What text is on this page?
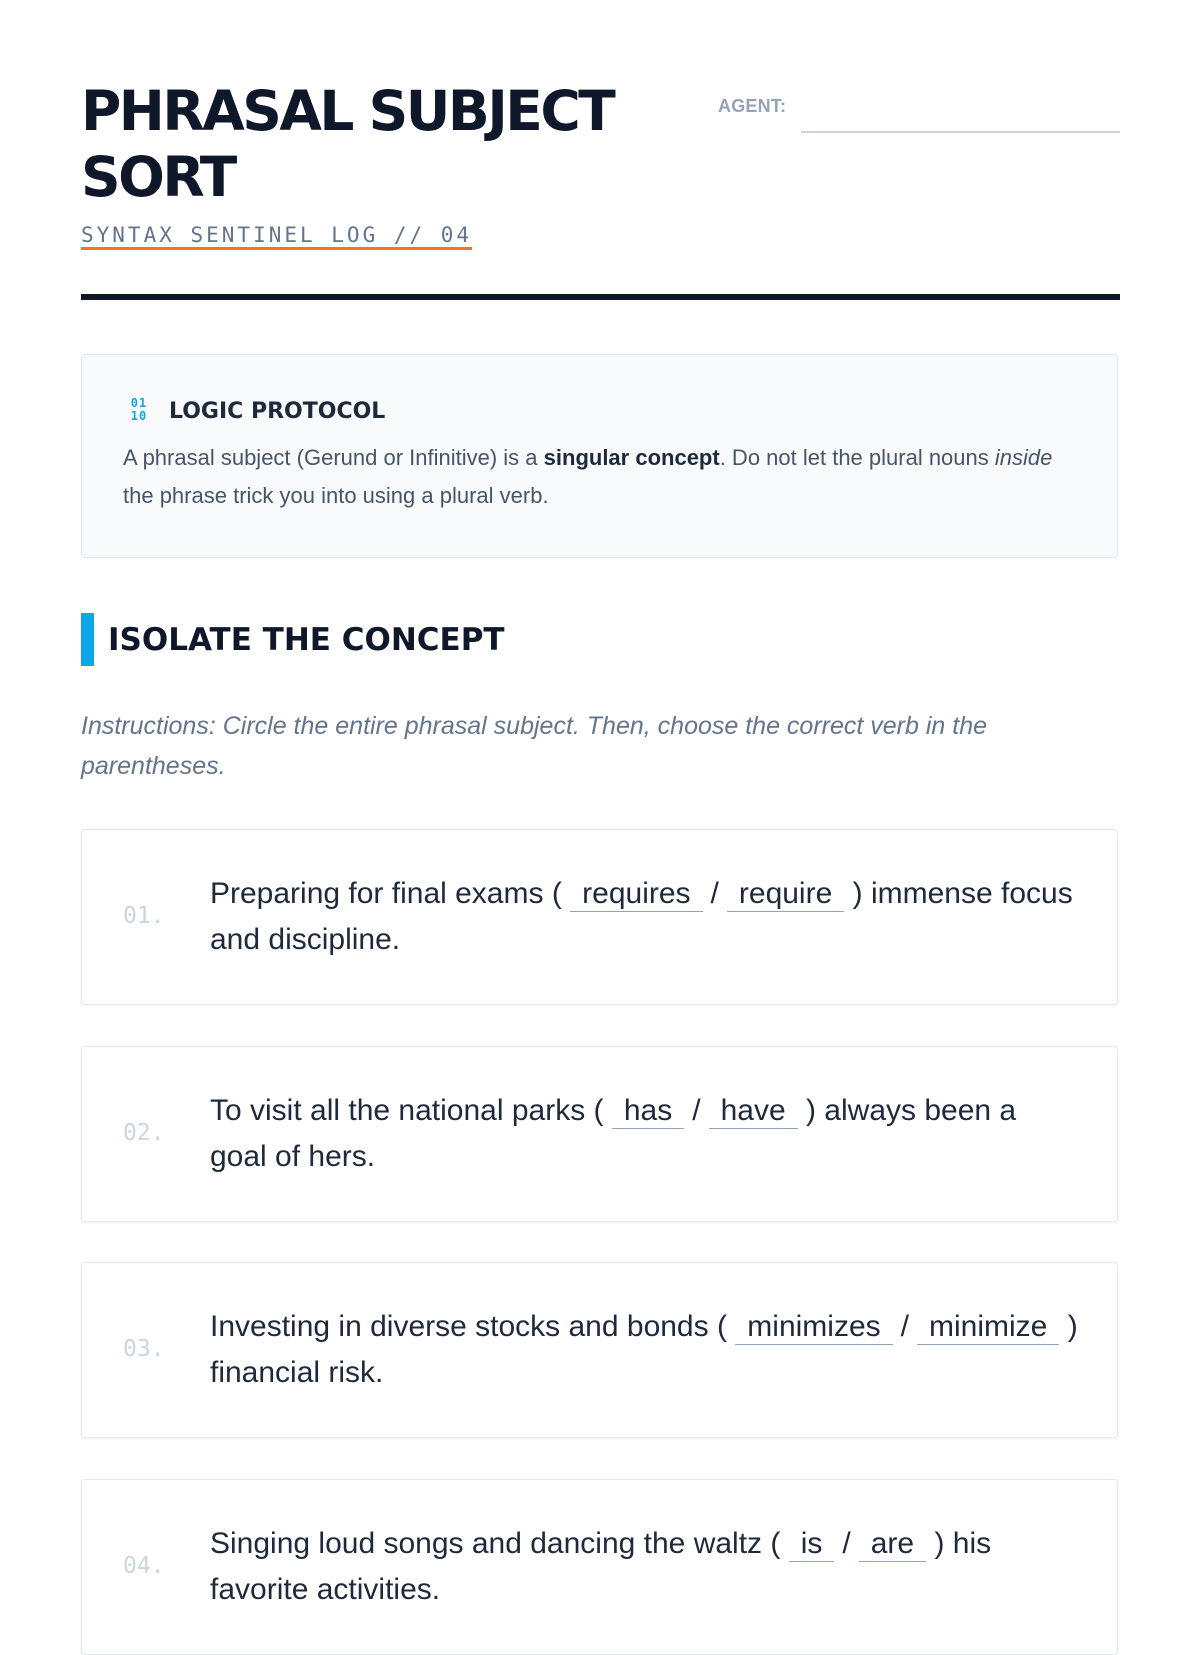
PHRASAL SUBJECT SORT
SYNTAX SENTINEL LOG // 04
AGENT:
01
10 LOGIC PROTOCOL

A phrasal subject (Gerund or Infinitive) is a singular concept. Do not let the plural nouns inside the phrase trick you into using a plural verb.

ISOLATE THE CONCEPT

Instructions: Circle the entire phrasal subject. Then, choose the correct verb in the parentheses.

01.

Preparing for final exams ( requires / require ) immense focus and discipline.

02.

To visit all the national parks ( has / have ) always been a goal of hers.

03.

Investing in diverse stocks and bonds ( minimizes / minimize ) financial risk.

04.

Singing loud songs and dancing the waltz ( is / are ) his favorite activities.
